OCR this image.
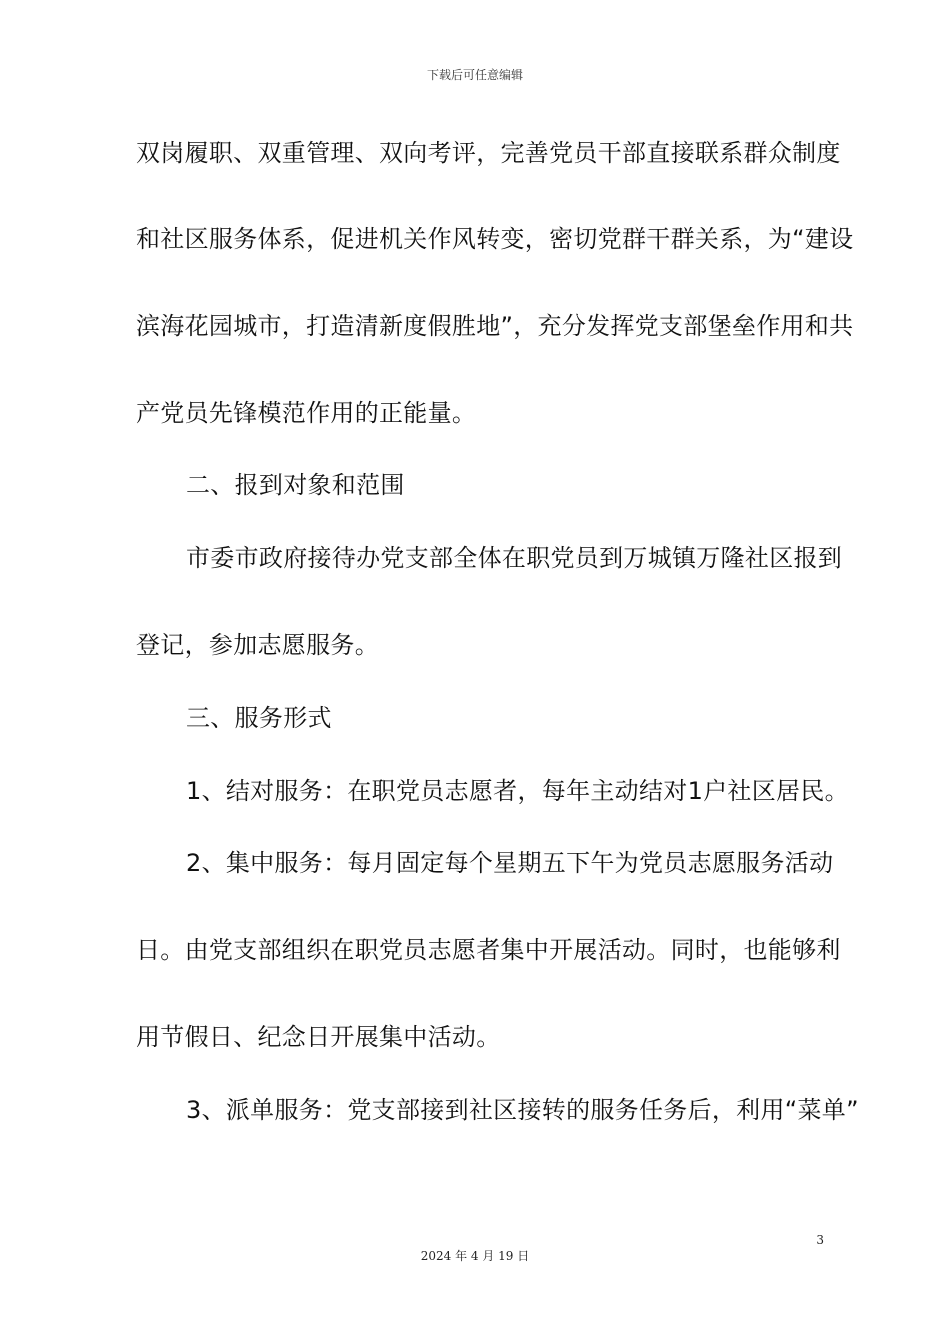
下载后可任意编辑
双岗履职、双重管理、双向考评，完善党员干部直接联系群众制度
和社区服务体系，促进机关作风转变，密切党群干群关系，为“建设
滨海花园城市，打造清新度假胜地”，充分发挥党支部堡垒作用和共
产党员先锋模范作用的正能量。
二、报到对象和范围
市委市政府接待办党支部全体在职党员到万城镇万隆社区报到
登记，参加志愿服务。
三、服务形式
1、结对服务：在职党员志愿者，每年主动结对1户社区居民。
2、集中服务：每月固定每个星期五下午为党员志愿服务活动
日。由党支部组织在职党员志愿者集中开展活动。同时，也能够利
用节假日、纪念日开展集中活动。
3、派单服务：党支部接到社区接转的服务任务后，利用“菜单”
3
2024 年 4 月 19 日
